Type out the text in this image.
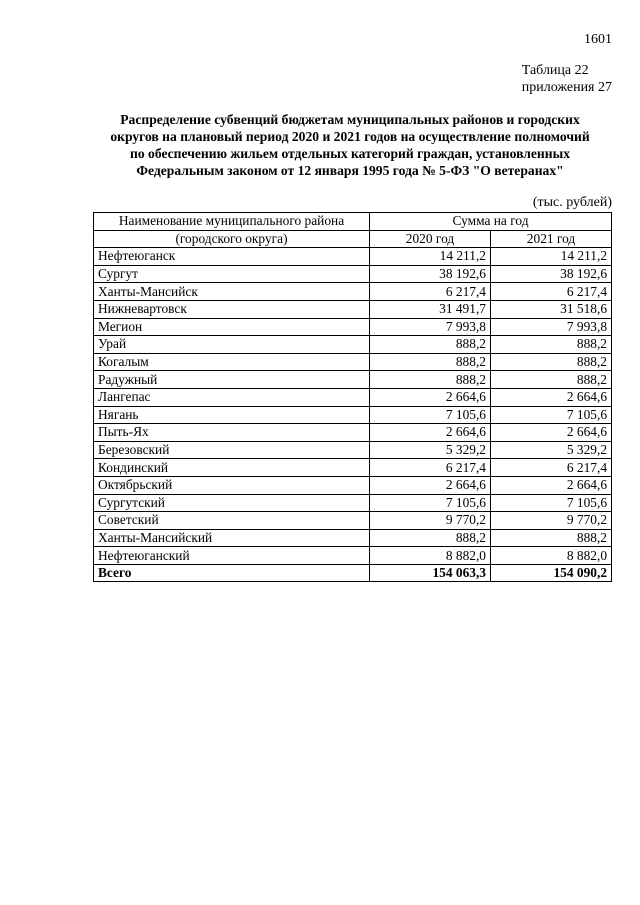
1601
Таблица 22
приложения 27
Распределение субвенций бюджетам муниципальных районов и городских
округов на плановый период 2020 и 2021 годов на осуществление полномочий
по обеспечению жильем отдельных категорий граждан, установленных
Федеральным законом от 12 января 1995 года № 5-ФЗ "О ветеранах"
(тыс. рублей)
Наименование муниципального района	Сумма на год	
(городского округа)	2020 год	2021 год
Нефтеюганск	14 211,2	14 211,2
Сургут	38 192,6	38 192,6
Ханты-Мансийск	6 217,4	6 217,4
Нижневартовск	31 491,7	31 518,6
Мегион	7 993,8	7 993,8
Урай	888,2	888,2
Когалым	888,2	888,2
Радужный	888,2	888,2
Лангепас	2 664,6	2 664,6
Нягань	7 105,6	7 105,6
Пыть-Ях	2 664,6	2 664,6
Березовский	5 329,2	5 329,2
Кондинский	6 217,4	6 217,4
Октябрьский	2 664,6	2 664,6
Сургутский	7 105,6	7 105,6
Советский	9 770,2	9 770,2
Ханты-Мансийский	888,2	888,2
Нефтеюганский	8 882,0	8 882,0
Всего	154 063,3	154 090,2
